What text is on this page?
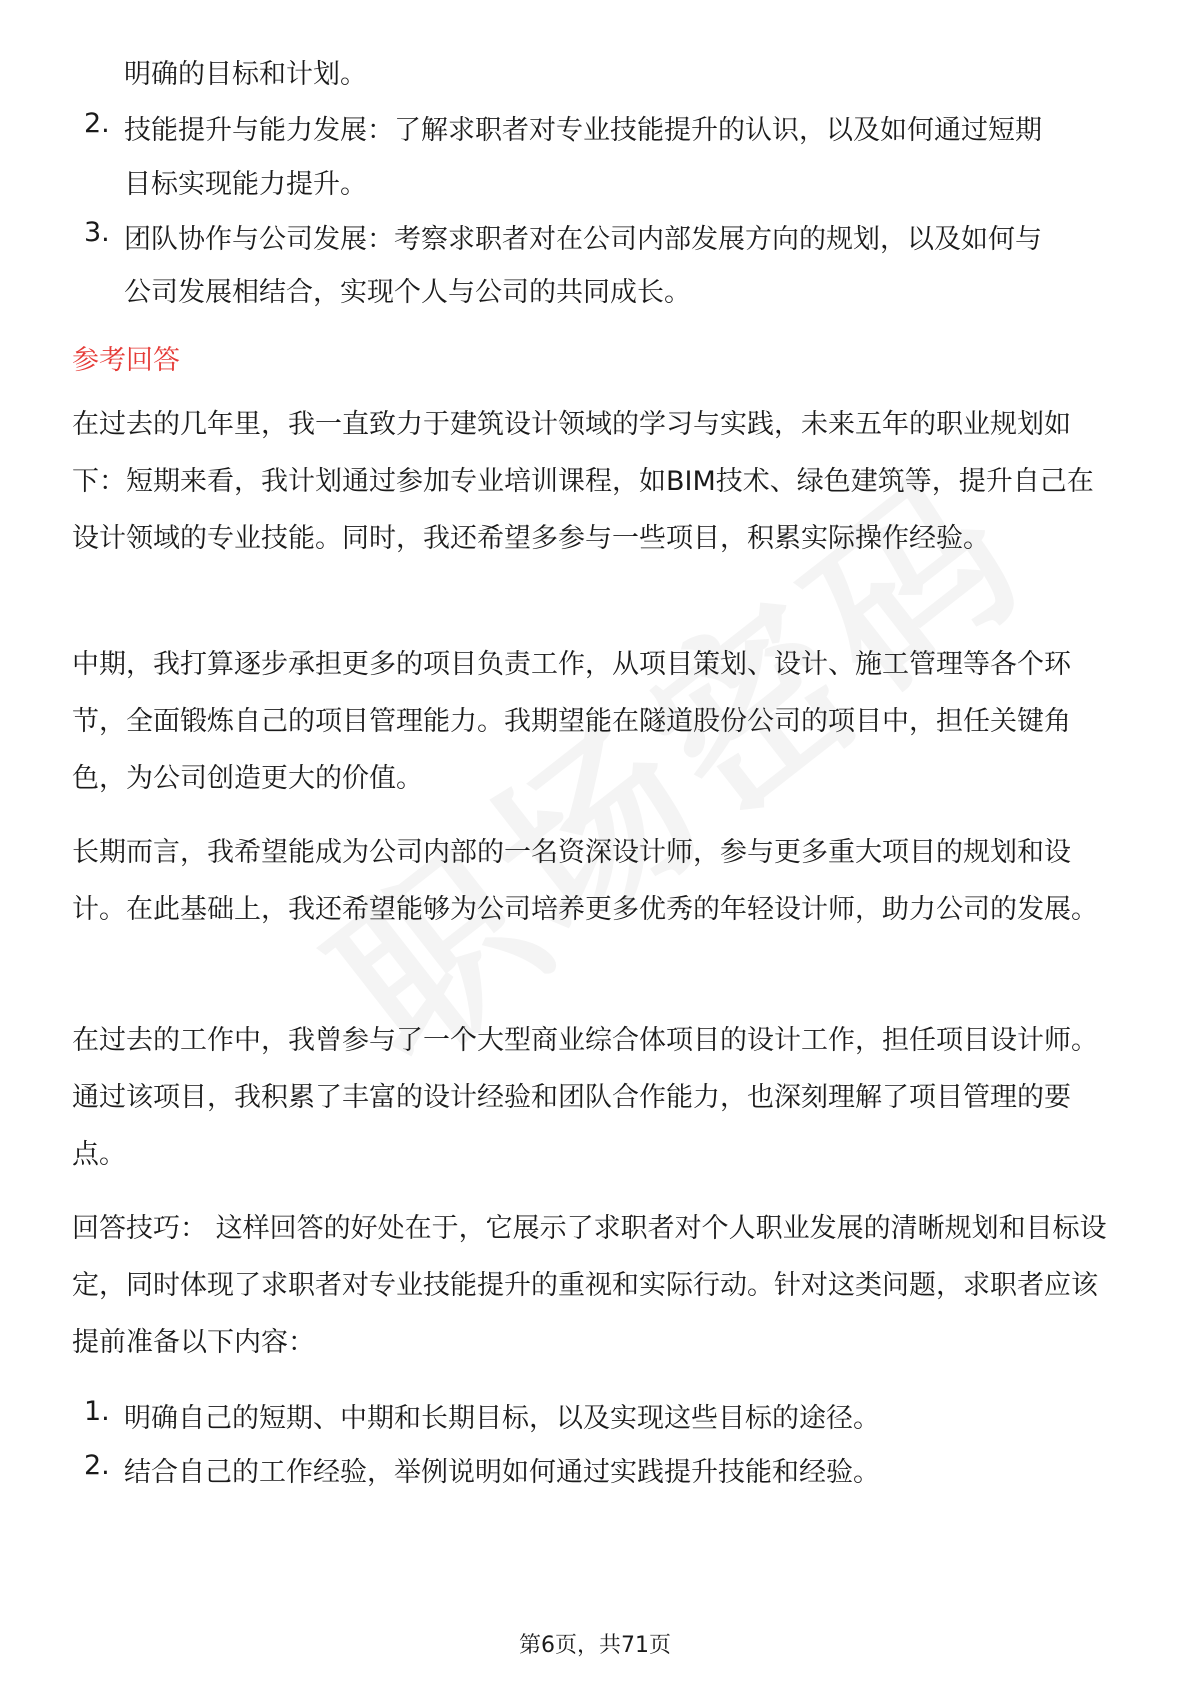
明确的目标和计划。
2. 技能提升与能力发展：了解求职者对专业技能提升的认识，以及如何通过短期
目标实现能力提升。
3. 团队协作与公司发展：考察求职者对在公司内部发展方向的规划，以及如何与
公司发展相结合，实现个人与公司的共同成长。
参考回答

在过去的几年里，我一直致力于建筑设计领域的学习与实践，未来五年的职业规划如下：短期来看，我计划通过参加专业培训课程，如BIM技术、绿色建筑等，提升自己在设计领域的专业技能。同时，我还希望多参与一些项目，积累实际操作经验。

中期，我打算逐步承担更多的项目负责工作，从项目策划、设计、施工管理等各个环节，全面锻炼自己的项目管理能力。我期望能在隧道股份公司的项目中，担任关键角色，为公司创造更大的价值。

长期而言，我希望能成为公司内部的一名资深设计师，参与更多重大项目的规划和设计。在此基础上，我还希望能够为公司培养更多优秀的年轻设计师，助力公司的发展。

在过去的工作中，我曾参与了一个大型商业综合体项目的设计工作，担任项目设计师。通过该项目，我积累了丰富的设计经验和团队合作能力，也深刻理解了项目管理的要点。

回答技巧： 这样回答的好处在于，它展示了求职者对个人职业发展的清晰规划和目标设定，同时体现了求职者对专业技能提升的重视和实际行动。针对这类问题，求职者应该提前准备以下内容：

1. 明确自己的短期、中期和长期目标，以及实现这些目标的途径。
2. 结合自己的工作经验，举例说明如何通过实践提升技能和经验。
第6页，共71页
